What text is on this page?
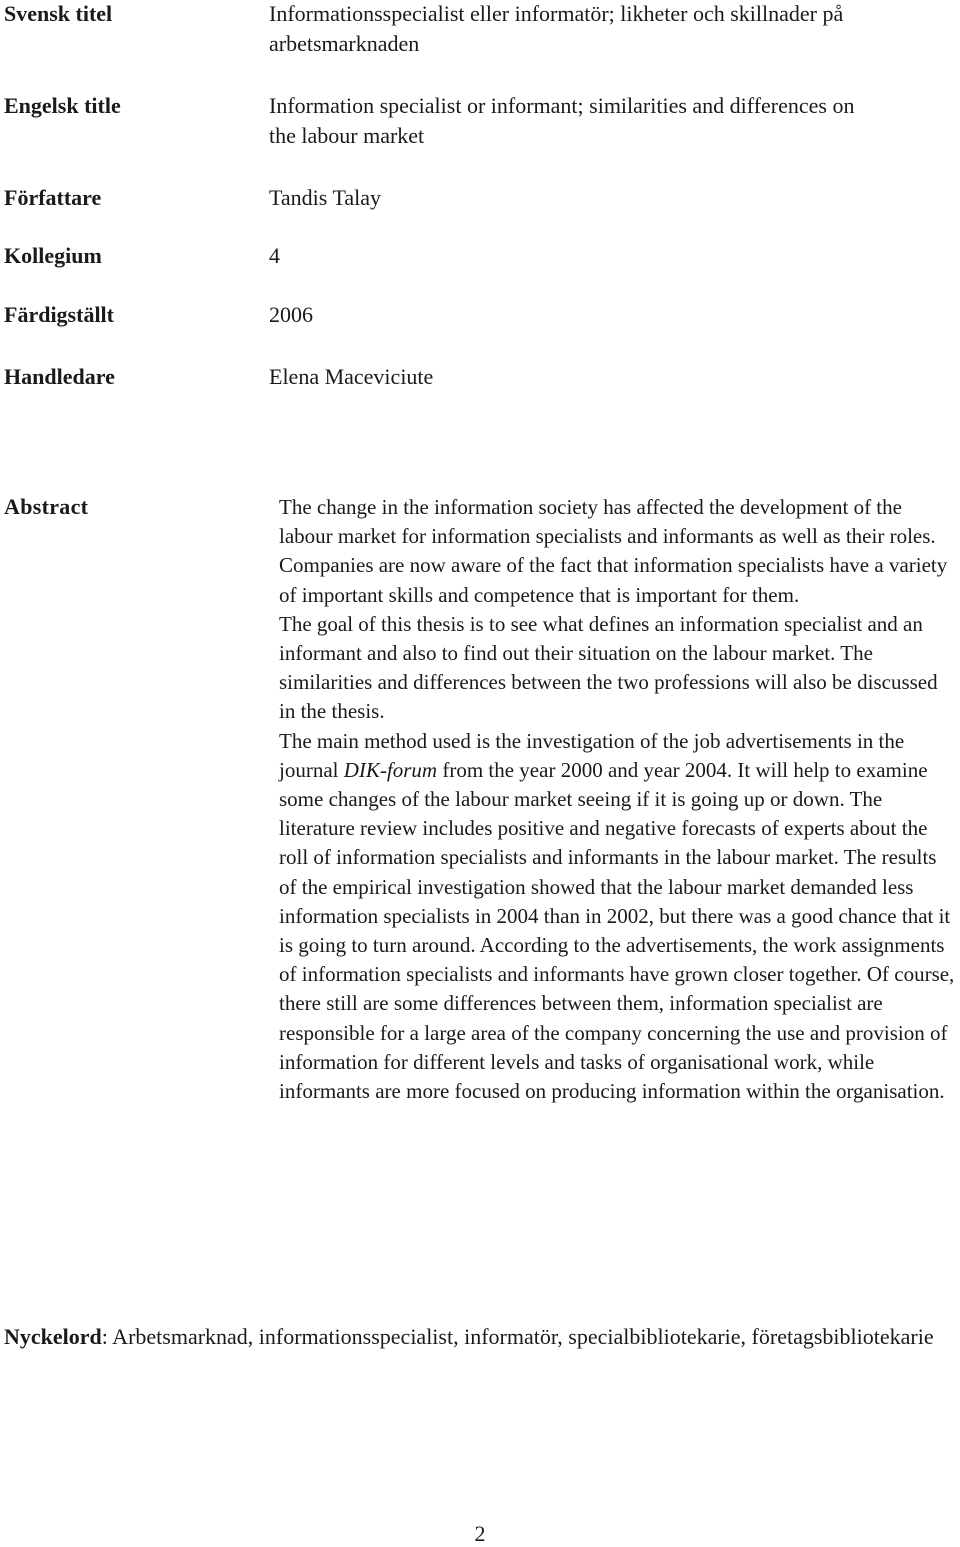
Svensk titel	Informationsspecialist eller informatör; likheter och skillnader på
arbetsmarknaden
Engelsk title	Information specialist or informant; similarities and differences on
the labour market
Författare	Tandis Talay
Kollegium	4
Färdigställt	2006
Handledare	Elena Maceviciute
Abstract	The change in the information society has affected the development of the labour market for information specialists and informants as well as their roles. Companies are now aware of the fact that information specialists have a variety of important skills and competence that is important for them.

The goal of this thesis is to see what defines an information specialist and an informant and also to find out their situation on the labour market. The similarities and differences between the two professions will also be discussed in the thesis.

The main method used is the investigation of the job advertisements in the journal DIK-forum from the year 2000 and year 2004. It will help to examine some changes of the labour market seeing if it is going up or down. The literature review includes positive and negative forecasts of experts about the roll of information specialists and informants in the labour market. The results of the empirical investigation showed that the labour market demanded less information specialists in 2004 than in 2002, but there was a good chance that it is going to turn around. According to the advertisements, the work assignments of information specialists and informants have grown closer together. Of course, there still are some differences between them, information specialist are responsible for a large area of the company concerning the use and provision of information for different levels and tasks of organisational work, while informants are more focused on producing information within the organisation.

Nyckelord: Arbetsmarknad, informationsspecialist, informatör, specialbibliotekarie, företagsbibliotekarie
2
